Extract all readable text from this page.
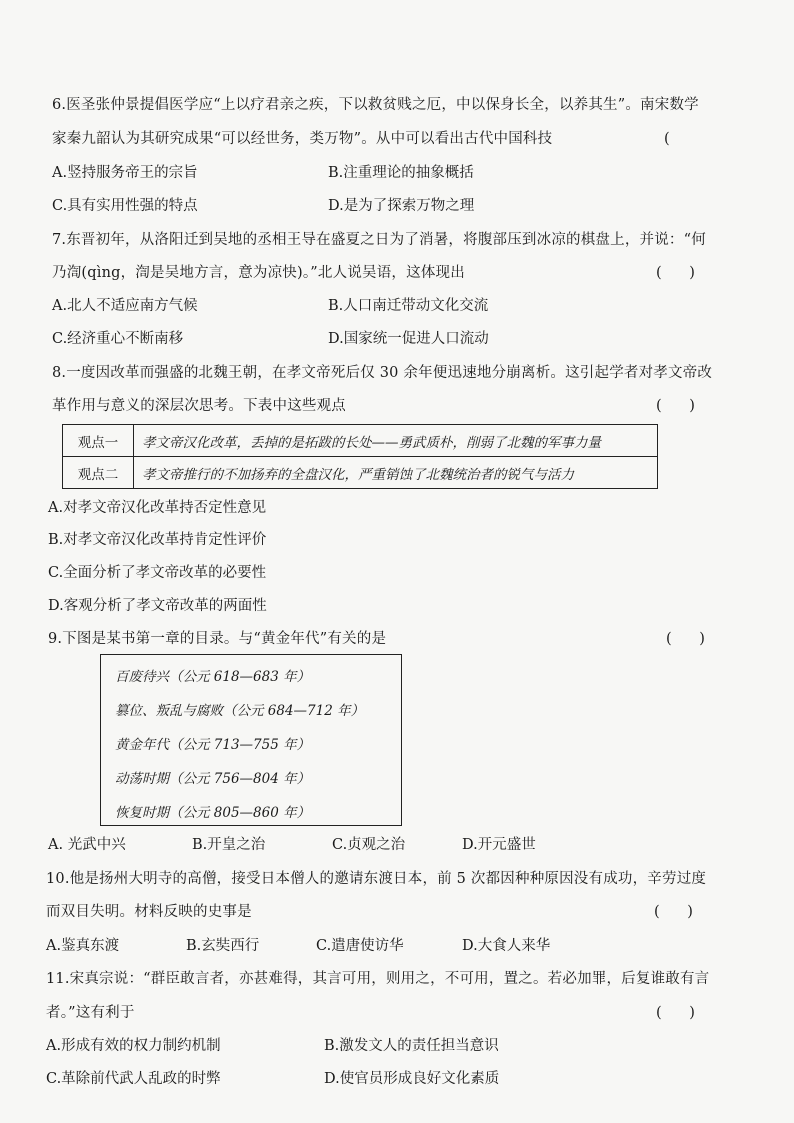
6.医圣张仲景提倡医学应“上以疗君亲之疾，下以救贫贱之厄，中以保身长全，以养其生”。南宋数学
家秦九韶认为其研究成果“可以经世务，类万物”。从中可以看出古代中国科技	(
A.竖持服务帝王的宗旨	B.注重理论的抽象概括
C.具有实用性强的特点	D.是为了探索万物之理
7.东晋初年，从洛阳迁到吴地的丞相王导在盛夏之日为了消暑，将腹部压到冰凉的棋盘上，并说：“何
乃渹(qìng，渹是吴地方言，意为凉快)。”北人说吴语，这体现出	(      )
A.北人不适应南方气候	B.人口南迁带动文化交流
C.经济重心不断南移	D.国家统一促进人口流动
8.一度因改革而强盛的北魏王朝，在孝文帝死后仅 30 余年便迅速地分崩离析。这引起学者对孝文帝改
革作用与意义的深层次思考。下表中这些观点	(      )
观点一	孝文帝汉化改革，丢掉的是拓跋的长处——勇武质朴，削弱了北魏的军事力量
观点二	孝文帝推行的不加扬弃的全盘汉化，严重销蚀了北魏统治者的锐气与活力
A.对孝文帝汉化改革持否定性意见
B.对孝文帝汉化改革持肯定性评价
C.全面分析了孝文帝改革的必要性
D.客观分析了孝文帝改革的两面性
9.下图是某书第一章的目录。与“黄金年代”有关的是	(      )
百废待兴（公元 618—683 年）
篡位、叛乱与腐败（公元 684—712 年）
黄金年代（公元 713—755 年）
动荡时期（公元 756—804 年）
恢复时期（公元 805—860 年）
A. 光武中兴	B.开皇之治	C.贞观之治	D.开元盛世
10.他是扬州大明寺的高僧，接受日本僧人的邀请东渡日本，前 5 次都因种种原因没有成功，辛劳过度
而双目失明。材料反映的史事是	(      )
A.鉴真东渡	B.玄奘西行	C.遣唐使访华	D.大食人来华
11.宋真宗说：“群臣敢言者，亦甚难得，其言可用，则用之，不可用，置之。若必加罪，后复谁敢有言
者。”这有利于	(      )
A.形成有效的权力制约机制	B.激发文人的责任担当意识
C.革除前代武人乱政的时弊	D.使官员形成良好文化素质
